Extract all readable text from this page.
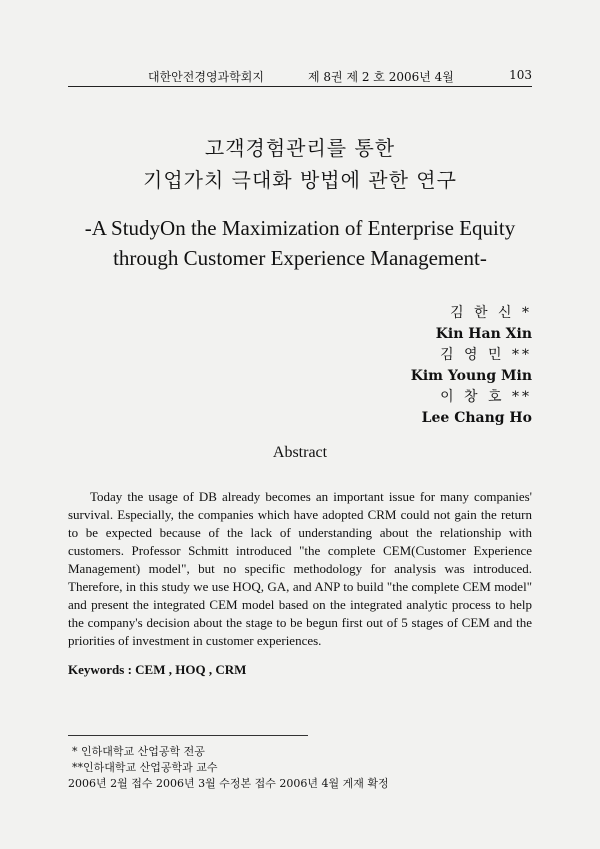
대한안전경영과학회지	제 8권 제 2 호 2006년 4월	103
고객경험관리를 통한
기업가치 극대화 방법에 관한 연구
-A StudyOn the Maximization of Enterprise Equity
through Customer Experience Management-
김 한 신 *
Kin Han Xin
김 영 민 **
Kim Young Min
이 창 호 **
Lee Chang Ho
Abstract

Today the usage of DB already becomes an important issue for many companies' survival. Especially, the companies which have adopted CRM could not gain the return to be expected because of the lack of understanding about the relationship with customers. Professor Schmitt introduced "the complete CEM(Customer Experience Management) model", but no specific methodology for analysis was introduced. Therefore, in this study we use HOQ, GA, and ANP to build "the complete CEM model" and present the integrated CEM model based on the integrated analytic process to help the company's decision about the stage to be begun first out of 5 stages of CEM and the priorities of investment in customer experiences.

Keywords : CEM , HOQ , CRM
* 인하대학교 산업공학 전공
**인하대학교 산업공학과 교수
2006년 2월 접수 2006년 3월 수정본 접수 2006년 4월 게재 확정
